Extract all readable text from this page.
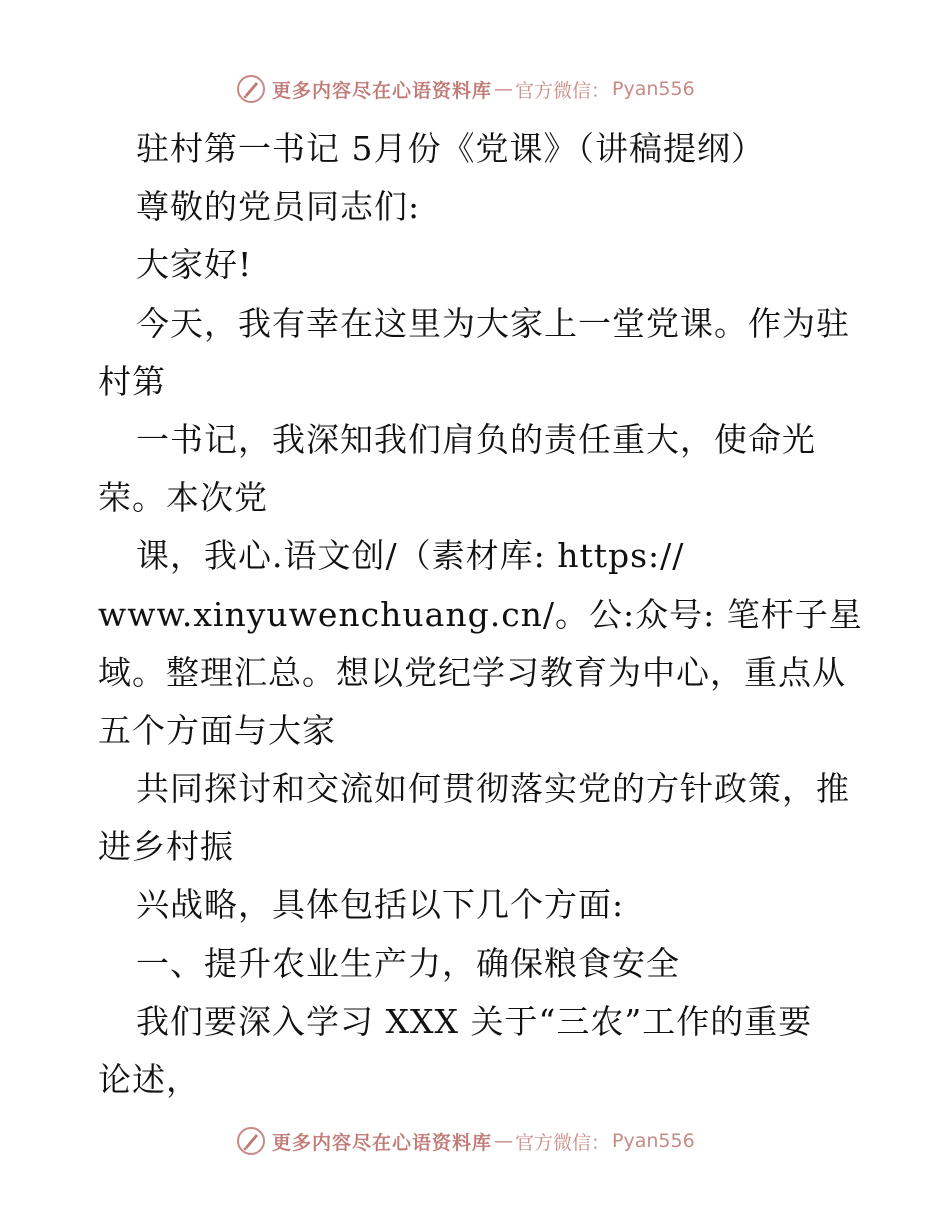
更多内容尽在心语资料库 — 官方微信： Pyan556
驻村第一书记 5月份《党课》（讲稿提纲）
尊敬的党员同志们:
大家好!
今天，我有幸在这里为大家上一堂党课。作为驻
村第
一书记，我深知我们肩负的责任重大，使命光
荣。本次党
课，我心.语文创/（素材库: https://
www.xinyuwenchuang.cn/。公:众号: 笔杆子星
域。整理汇总。想以党纪学习教育为中心，重点从
五个方面与大家
共同探讨和交流如何贯彻落实党的方针政策，推
进乡村振
兴战略，具体包括以下几个方面:
一、提升农业生产力，确保粮食安全
我们要深入学习 XXX 关于“三农”工作的重要
论述，
更多内容尽在心语资料库 — 官方微信： Pyan556
